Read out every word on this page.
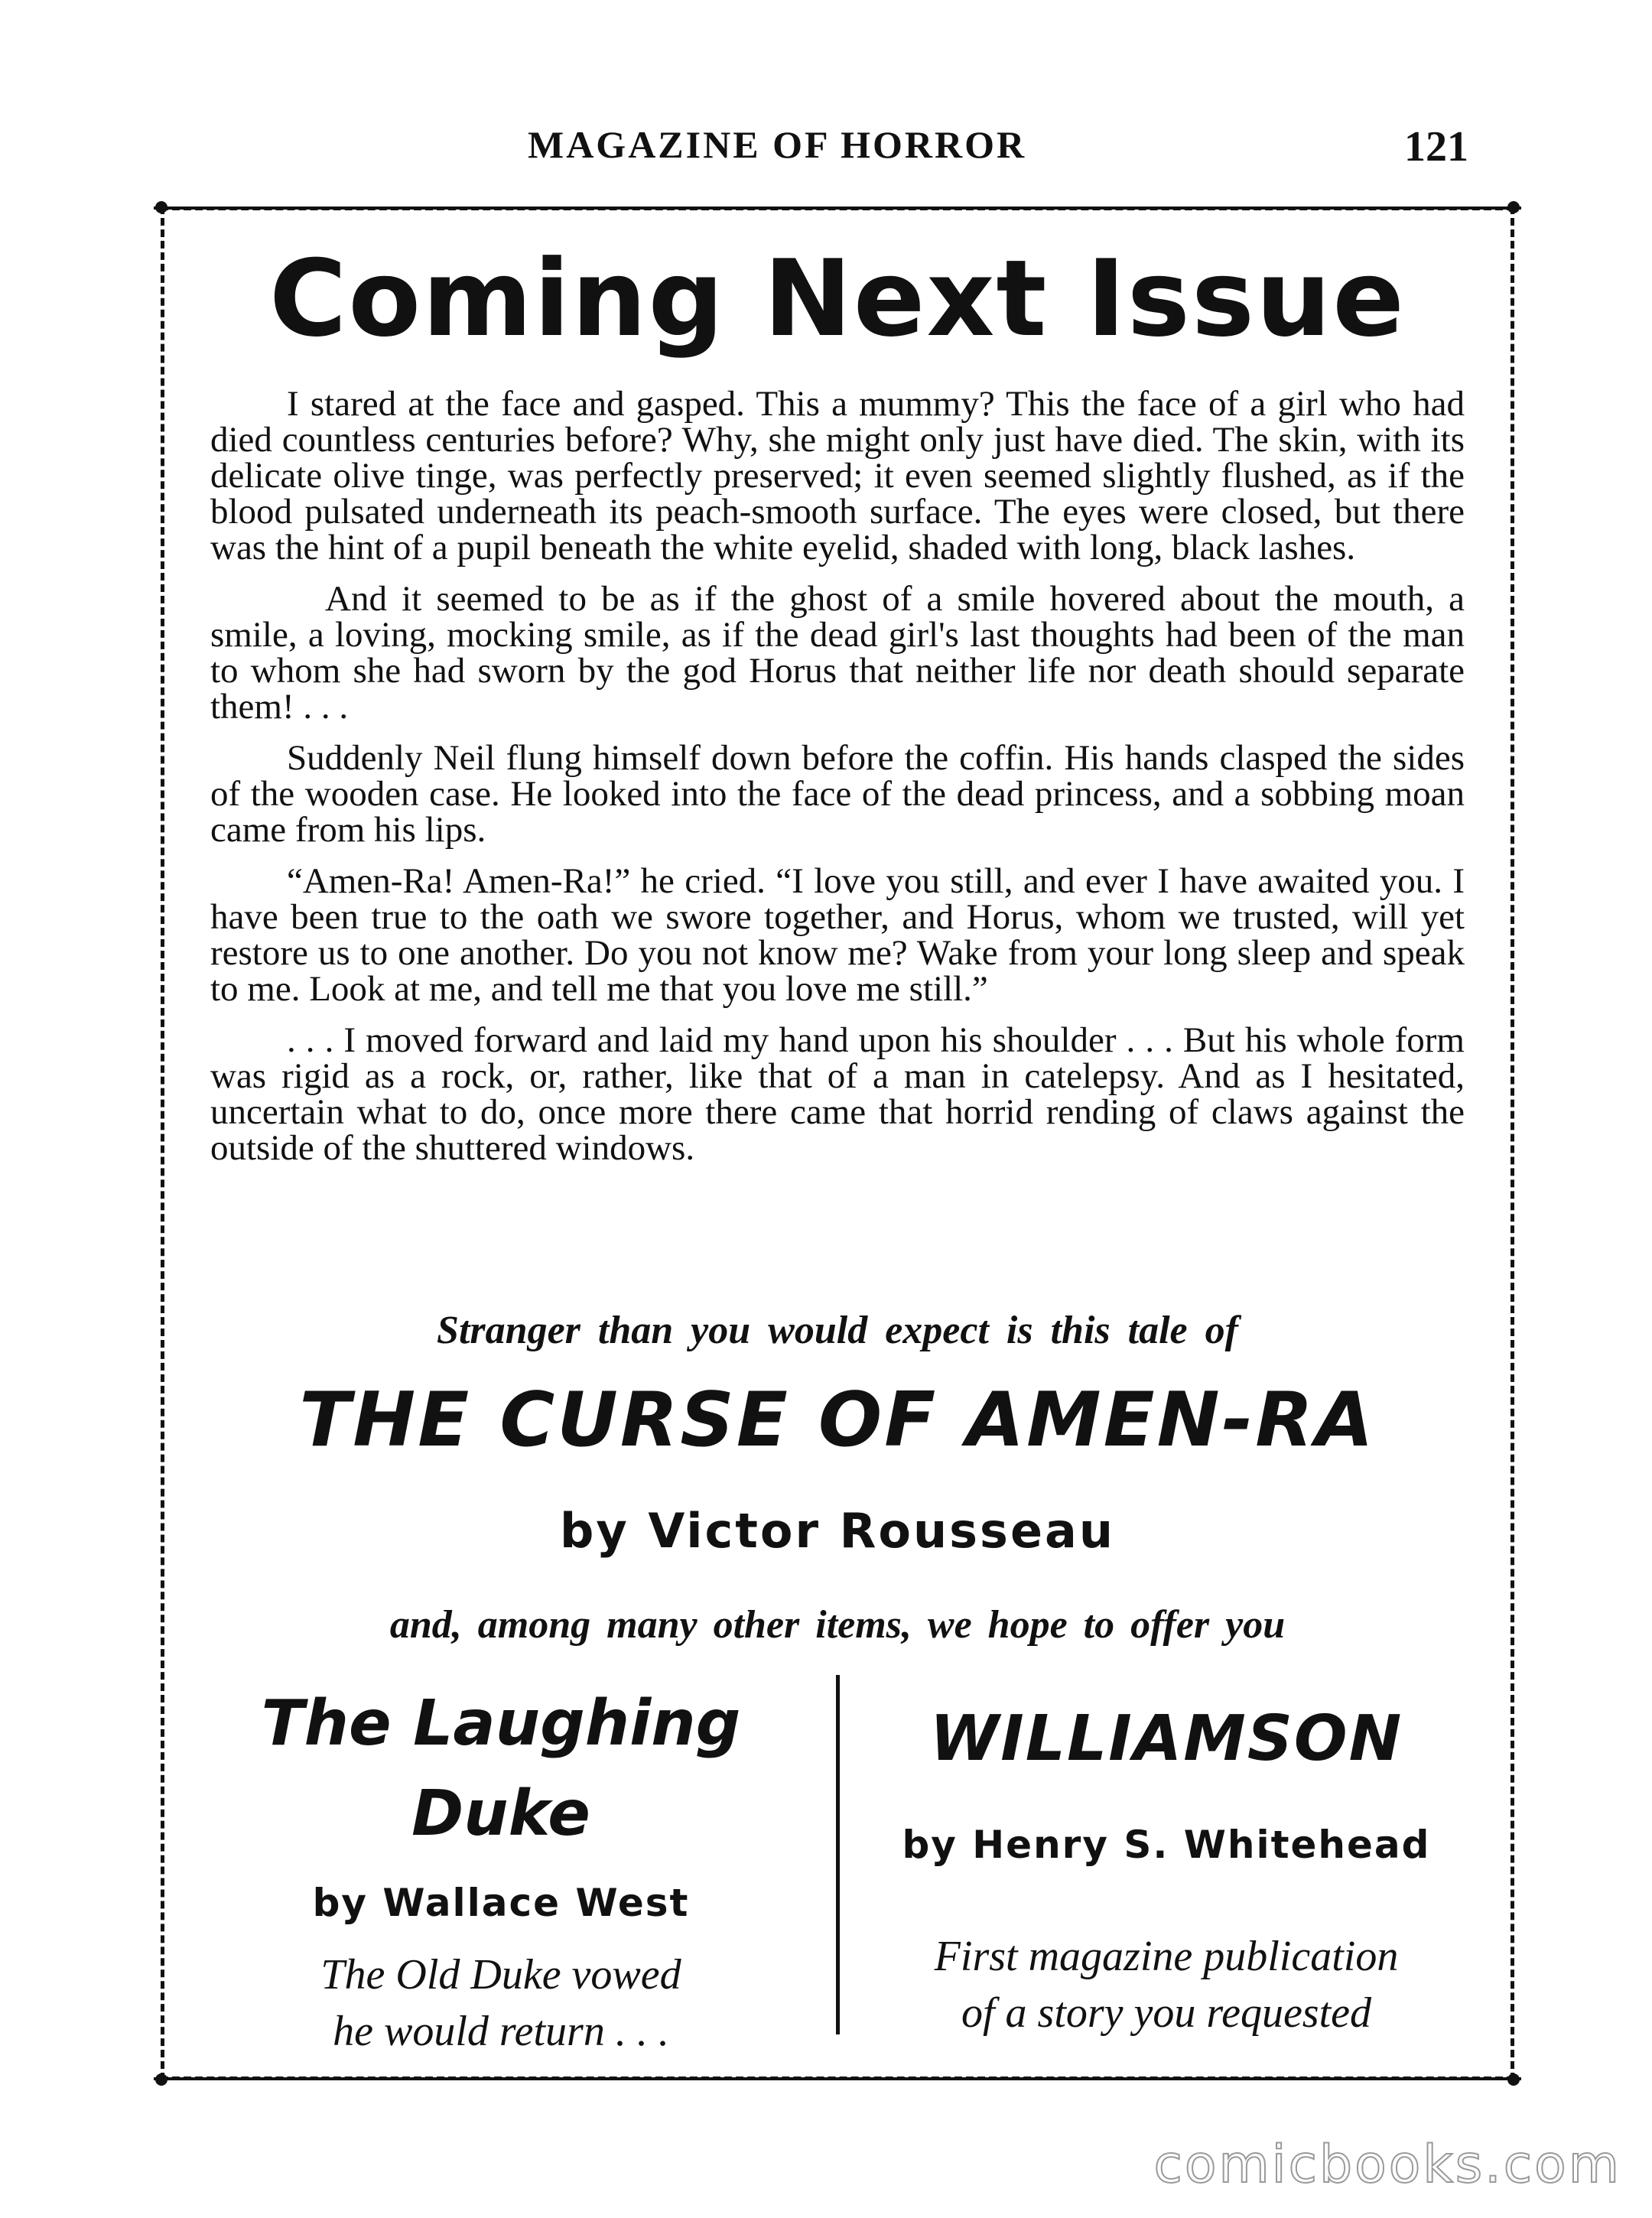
MAGAZINE OF HORROR	121
Coming Next Issue

I stared at the face and gasped. This a mummy? This the face of a girl who had died countless centuries before? Why, she might only just have died. The skin, with its delicate olive tinge, was perfectly preserved; it even seemed slightly flushed, as if the blood pulsated underneath its peach-smooth surface. The eyes were closed, but there was the hint of a pupil beneath the white eyelid, shaded with long, black lashes.

And it seemed to be as if the ghost of a smile hovered about the mouth, a smile, a loving, mocking smile, as if the dead girl's last thoughts had been of the man to whom she had sworn by the god Horus that neither life nor death should separate them! . . .

Suddenly Neil flung himself down before the coffin. His hands clasped the sides of the wooden case. He looked into the face of the dead princess, and a sobbing moan came from his lips.

“Amen-Ra! Amen-Ra!” he cried. “I love you still, and ever I have awaited you. I have been true to the oath we swore together, and Horus, whom we trusted, will yet restore us to one another. Do you not know me? Wake from your long sleep and speak to me. Look at me, and tell me that you love me still.”

. . . I moved forward and laid my hand upon his shoulder . . . But his whole form was rigid as a rock, or, rather, like that of a man in catelepsy. And as I hesitated, uncertain what to do, once more there came that horrid rending of claws against the outside of the shuttered windows.

Stranger than you would expect is this tale of
THE CURSE OF AMEN-RA
by Victor Rousseau
and, among many other items, we hope to offer you

The Laughing

Duke

by Wallace West

The Old Duke vowed
he would return . . .

WILLIAMSON

by Henry S. Whitehead

First magazine publication
of a story you requested
comicbooks.com
